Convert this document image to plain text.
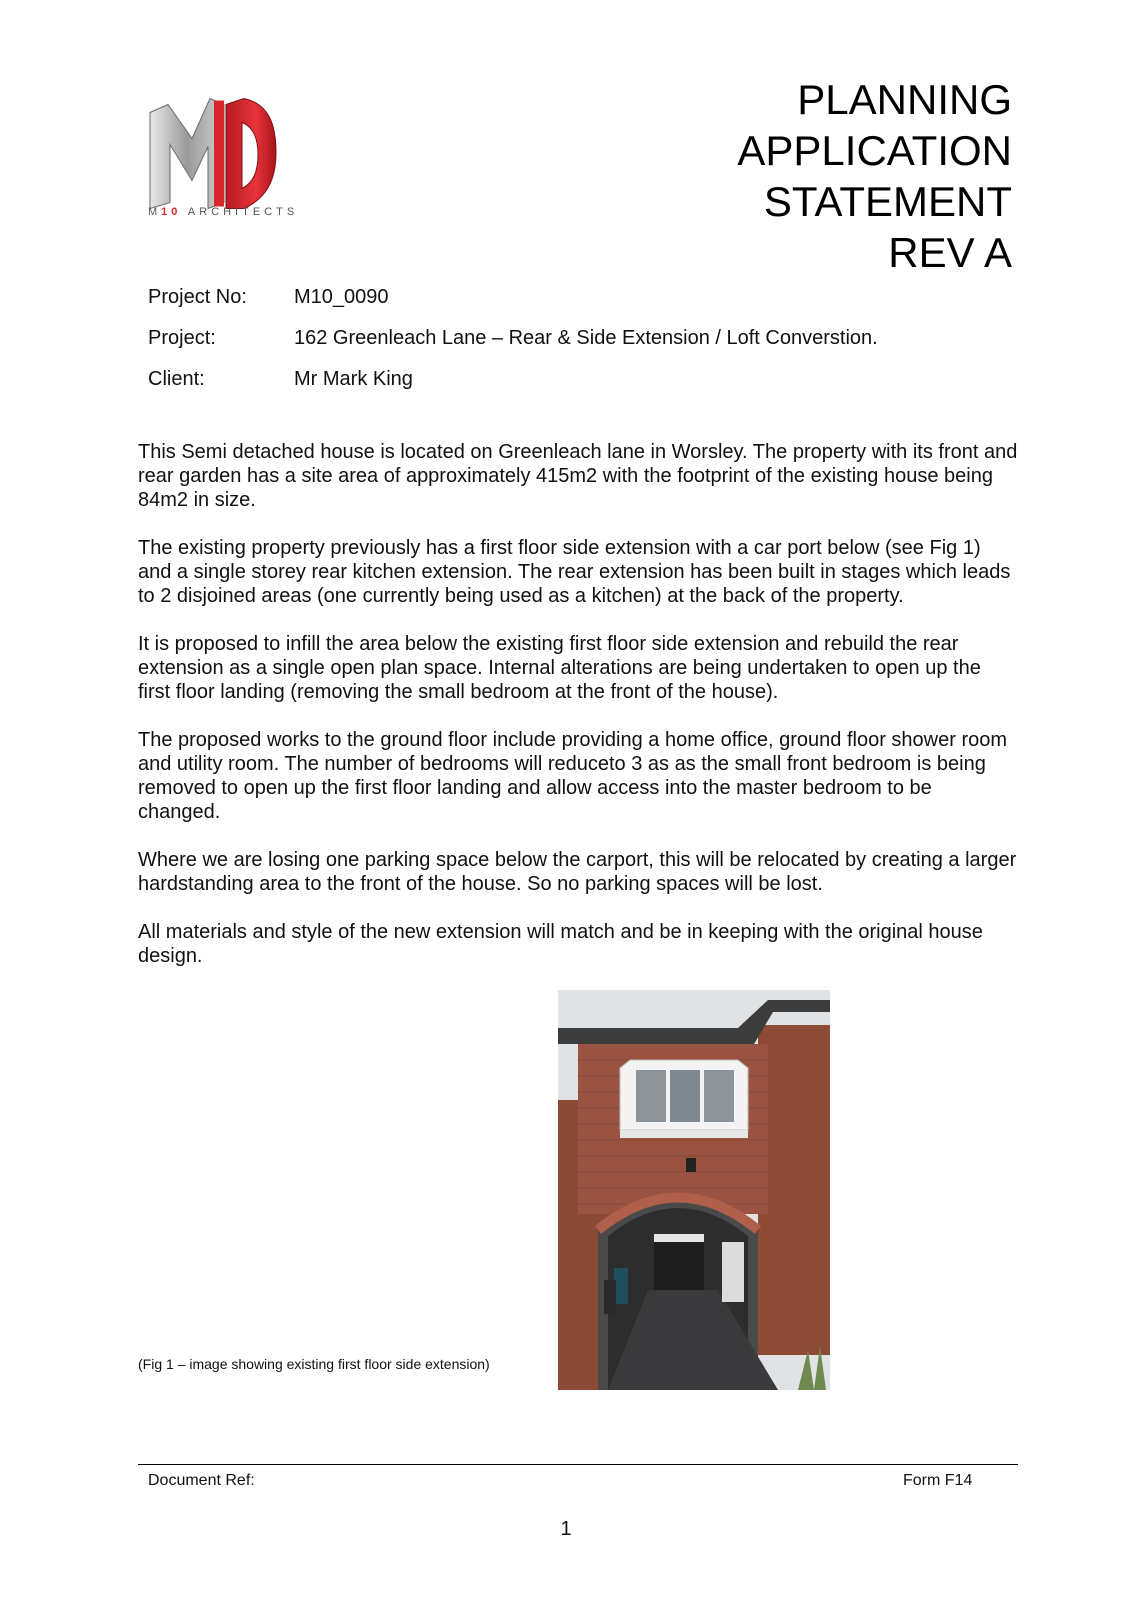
M10 ARCHITECTS
PLANNING
APPLICATION
STATEMENT
REV A
Project No:	M10_0090
Project:	162 Greenleach Lane – Rear & Side Extension / Loft Converstion.
Client:	Mr Mark King

This Semi detached house is located on Greenleach lane in Worsley. The property with its front and rear garden has a site area of approximately 415m2 with the footprint of the existing house being 84m2 in size.

The existing property previously has a first floor side extension with a car port below (see Fig 1) and a single storey rear kitchen extension. The rear extension has been built in stages which leads to 2 disjoined areas (one currently being used as a kitchen) at the back of the property.

It is proposed to infill the area below the existing first floor side extension and rebuild the rear extension as a single open plan space. Internal alterations are being undertaken to open up the first floor landing (removing the small bedroom at the front of the house).

The proposed works to the ground floor include providing a home office, ground floor shower room and utility room. The number of bedrooms will reduceto 3 as as the small front bedroom is being removed to open up the first floor landing and allow access into the master bedroom to be changed.

Where we are losing one parking space below the carport, this will be relocated by creating a larger hardstanding area to the front of the house. So no parking spaces will be lost.

All materials and style of the new extension will match and be in keeping with the original house design.

(Fig 1 – image showing existing first floor side extension)
Document Ref:	Form F14
1
